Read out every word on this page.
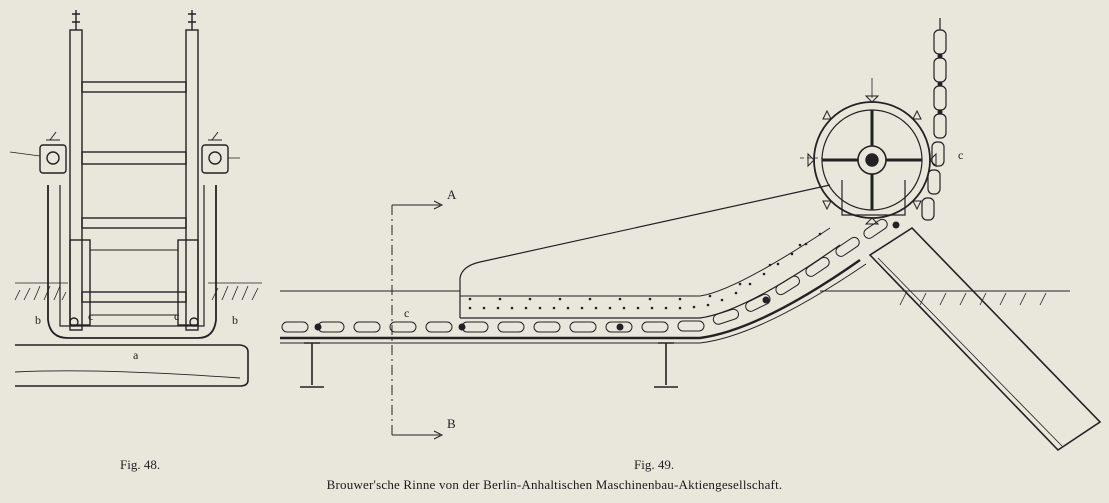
a
b	b
c	c
A
B
c
c
Fig. 48.	Fig. 49.
Brouwer'sche Rinne von der Berlin-Anhaltischen Maschinenbau-Aktiengesellschaft.
